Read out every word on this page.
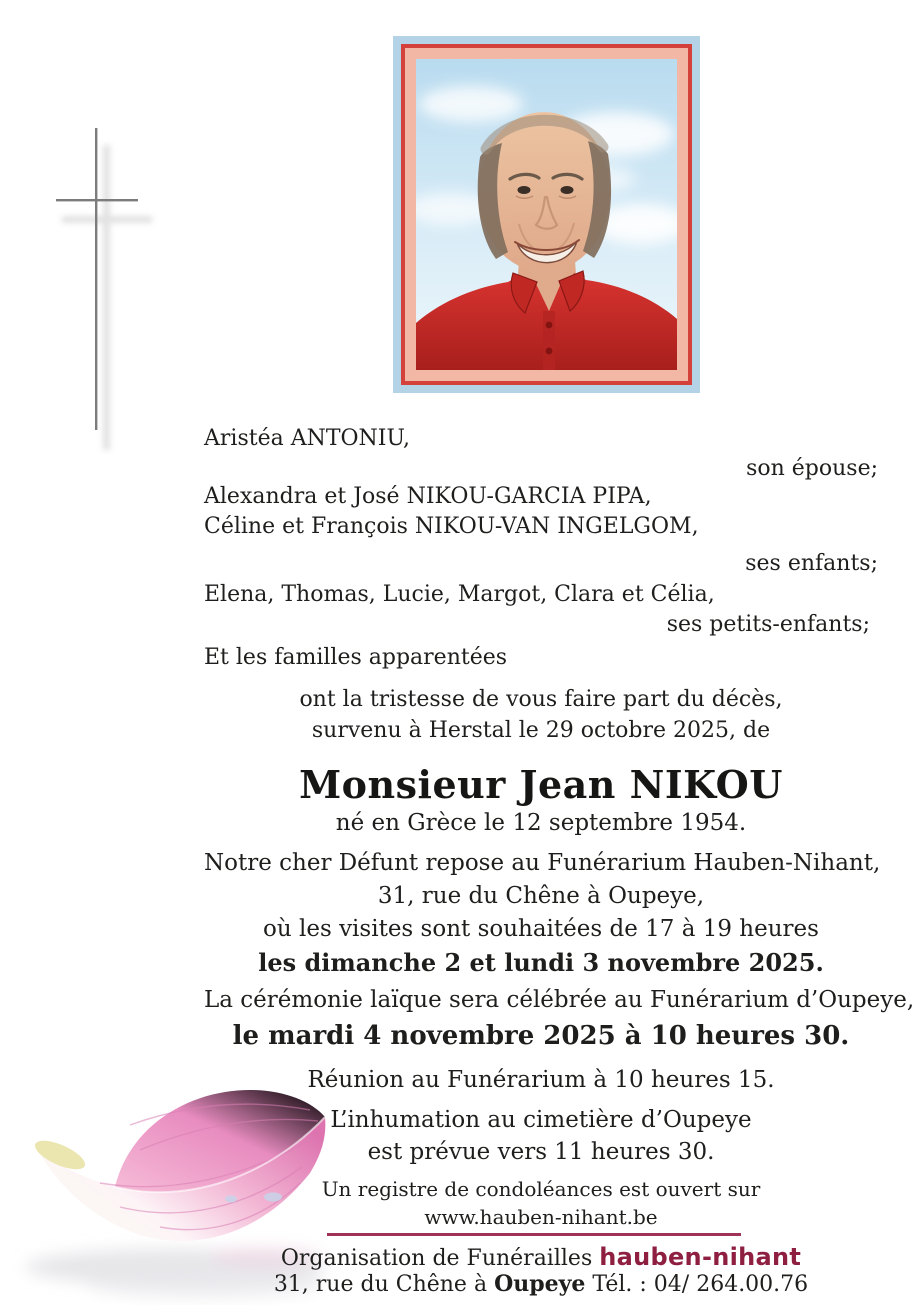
Aristéa ANTONIU,
son épouse;
Alexandra et José NIKOU-GARCIA PIPA,
Céline et François NIKOU-VAN INGELGOM,
ses enfants;
Elena, Thomas, Lucie, Margot, Clara et Célia,
ses petits-enfants;
Et les familles apparentées
ont la tristesse de vous faire part du décès,
survenu à Herstal le 29 octobre 2025, de
Monsieur Jean NIKOU
né en Grèce le 12 septembre 1954.
Notre cher Défunt repose au Funérarium Hauben-Nihant,
31, rue du Chêne à Oupeye,
où les visites sont souhaitées de 17 à 19 heures
les dimanche 2 et lundi 3 novembre 2025.
La cérémonie laïque sera célébrée au Funérarium d’Oupeye,
le mardi 4 novembre 2025 à 10 heures 30.
Réunion au Funérarium à 10 heures 15.
L’inhumation au cimetière d’Oupeye
est prévue vers 11 heures 30.
Un registre de condoléances est ouvert sur
www.hauben-nihant.be
Organisation de Funérailles hauben-nihant
31, rue du Chêne à Oupeye Tél. : 04/ 264.00.76
